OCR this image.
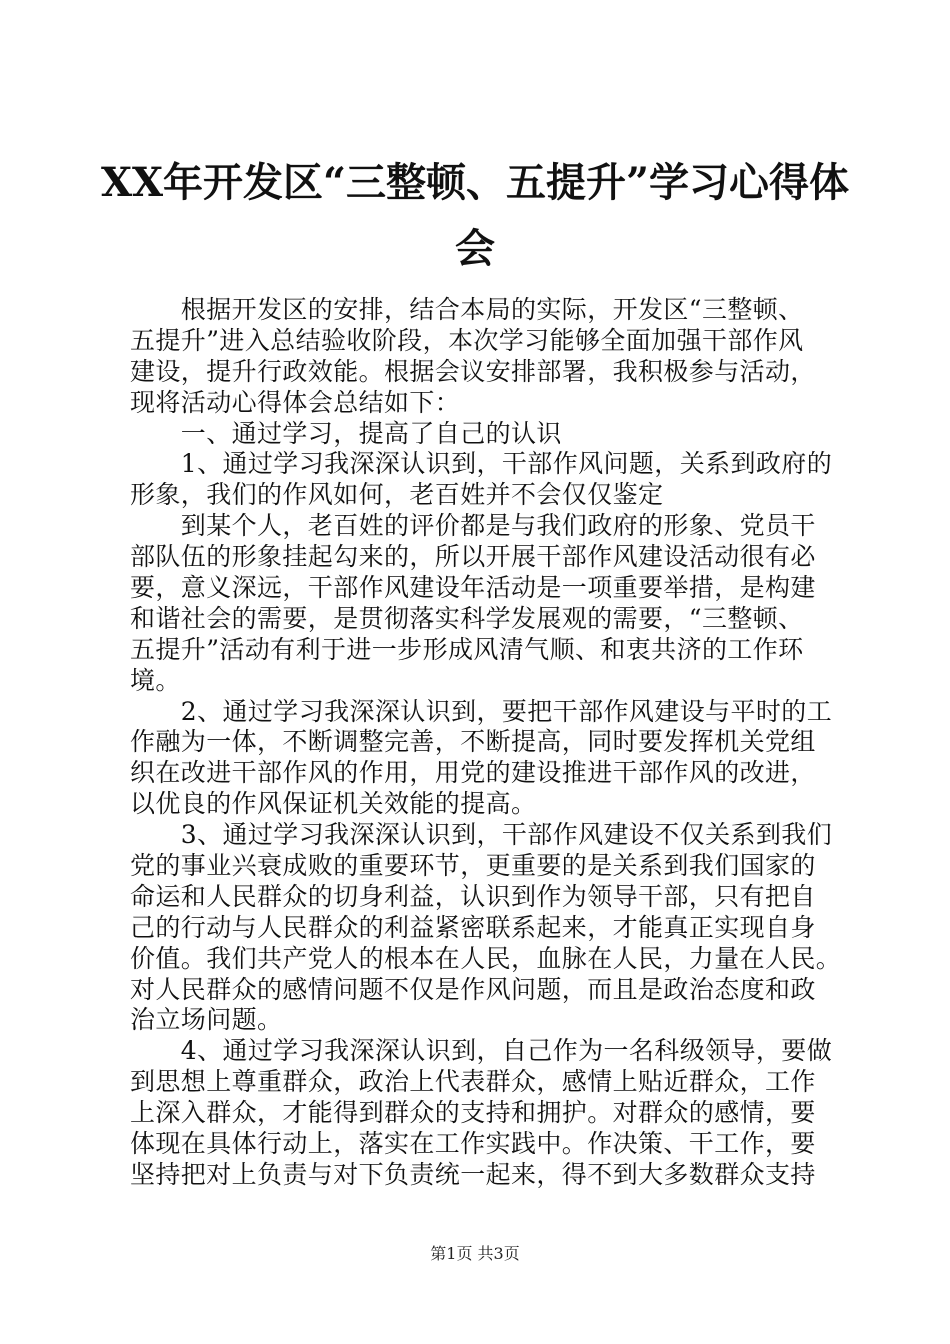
XX年开发区“三整顿、五提升”学习心得体
会
　　根据开发区的安排，结合本局的实际，开发区“三整顿、
五提升”进入总结验收阶段，本次学习能够全面加强干部作风
建设，提升行政效能。根据会议安排部署，我积极参与活动，
现将活动心得体会总结如下：
　　一、通过学习，提高了自己的认识
　　1、通过学习我深深认识到，干部作风问题，关系到政府的
形象，我们的作风如何，老百姓并不会仅仅鉴定
　　到某个人，老百姓的评价都是与我们政府的形象、党员干
部队伍的形象挂起勾来的，所以开展干部作风建设活动很有必
要，意义深远，干部作风建设年活动是一项重要举措，是构建
和谐社会的需要，是贯彻落实科学发展观的需要，“三整顿、
五提升”活动有利于进一步形成风清气顺、和衷共济的工作环
境。
　　2、通过学习我深深认识到，要把干部作风建设与平时的工
作融为一体，不断调整完善，不断提高，同时要发挥机关党组
织在改进干部作风的作用，用党的建设推进干部作风的改进，
以优良的作风保证机关效能的提高。
　　3、通过学习我深深认识到，干部作风建设不仅关系到我们
党的事业兴衰成败的重要环节，更重要的是关系到我们国家的
命运和人民群众的切身利益，认识到作为领导干部，只有把自
己的行动与人民群众的利益紧密联系起来，才能真正实现自身
价值。我们共产党人的根本在人民，血脉在人民，力量在人民。
对人民群众的感情问题不仅是作风问题，而且是政治态度和政
治立场问题。
　　4、通过学习我深深认识到，自己作为一名科级领导，要做
到思想上尊重群众，政治上代表群众，感情上贴近群众，工作
上深入群众，才能得到群众的支持和拥护。对群众的感情，要
体现在具体行动上，落实在工作实践中。作决策、干工作，要
坚持把对上负责与对下负责统一起来，得不到大多数群众支持
第1页 共3页
